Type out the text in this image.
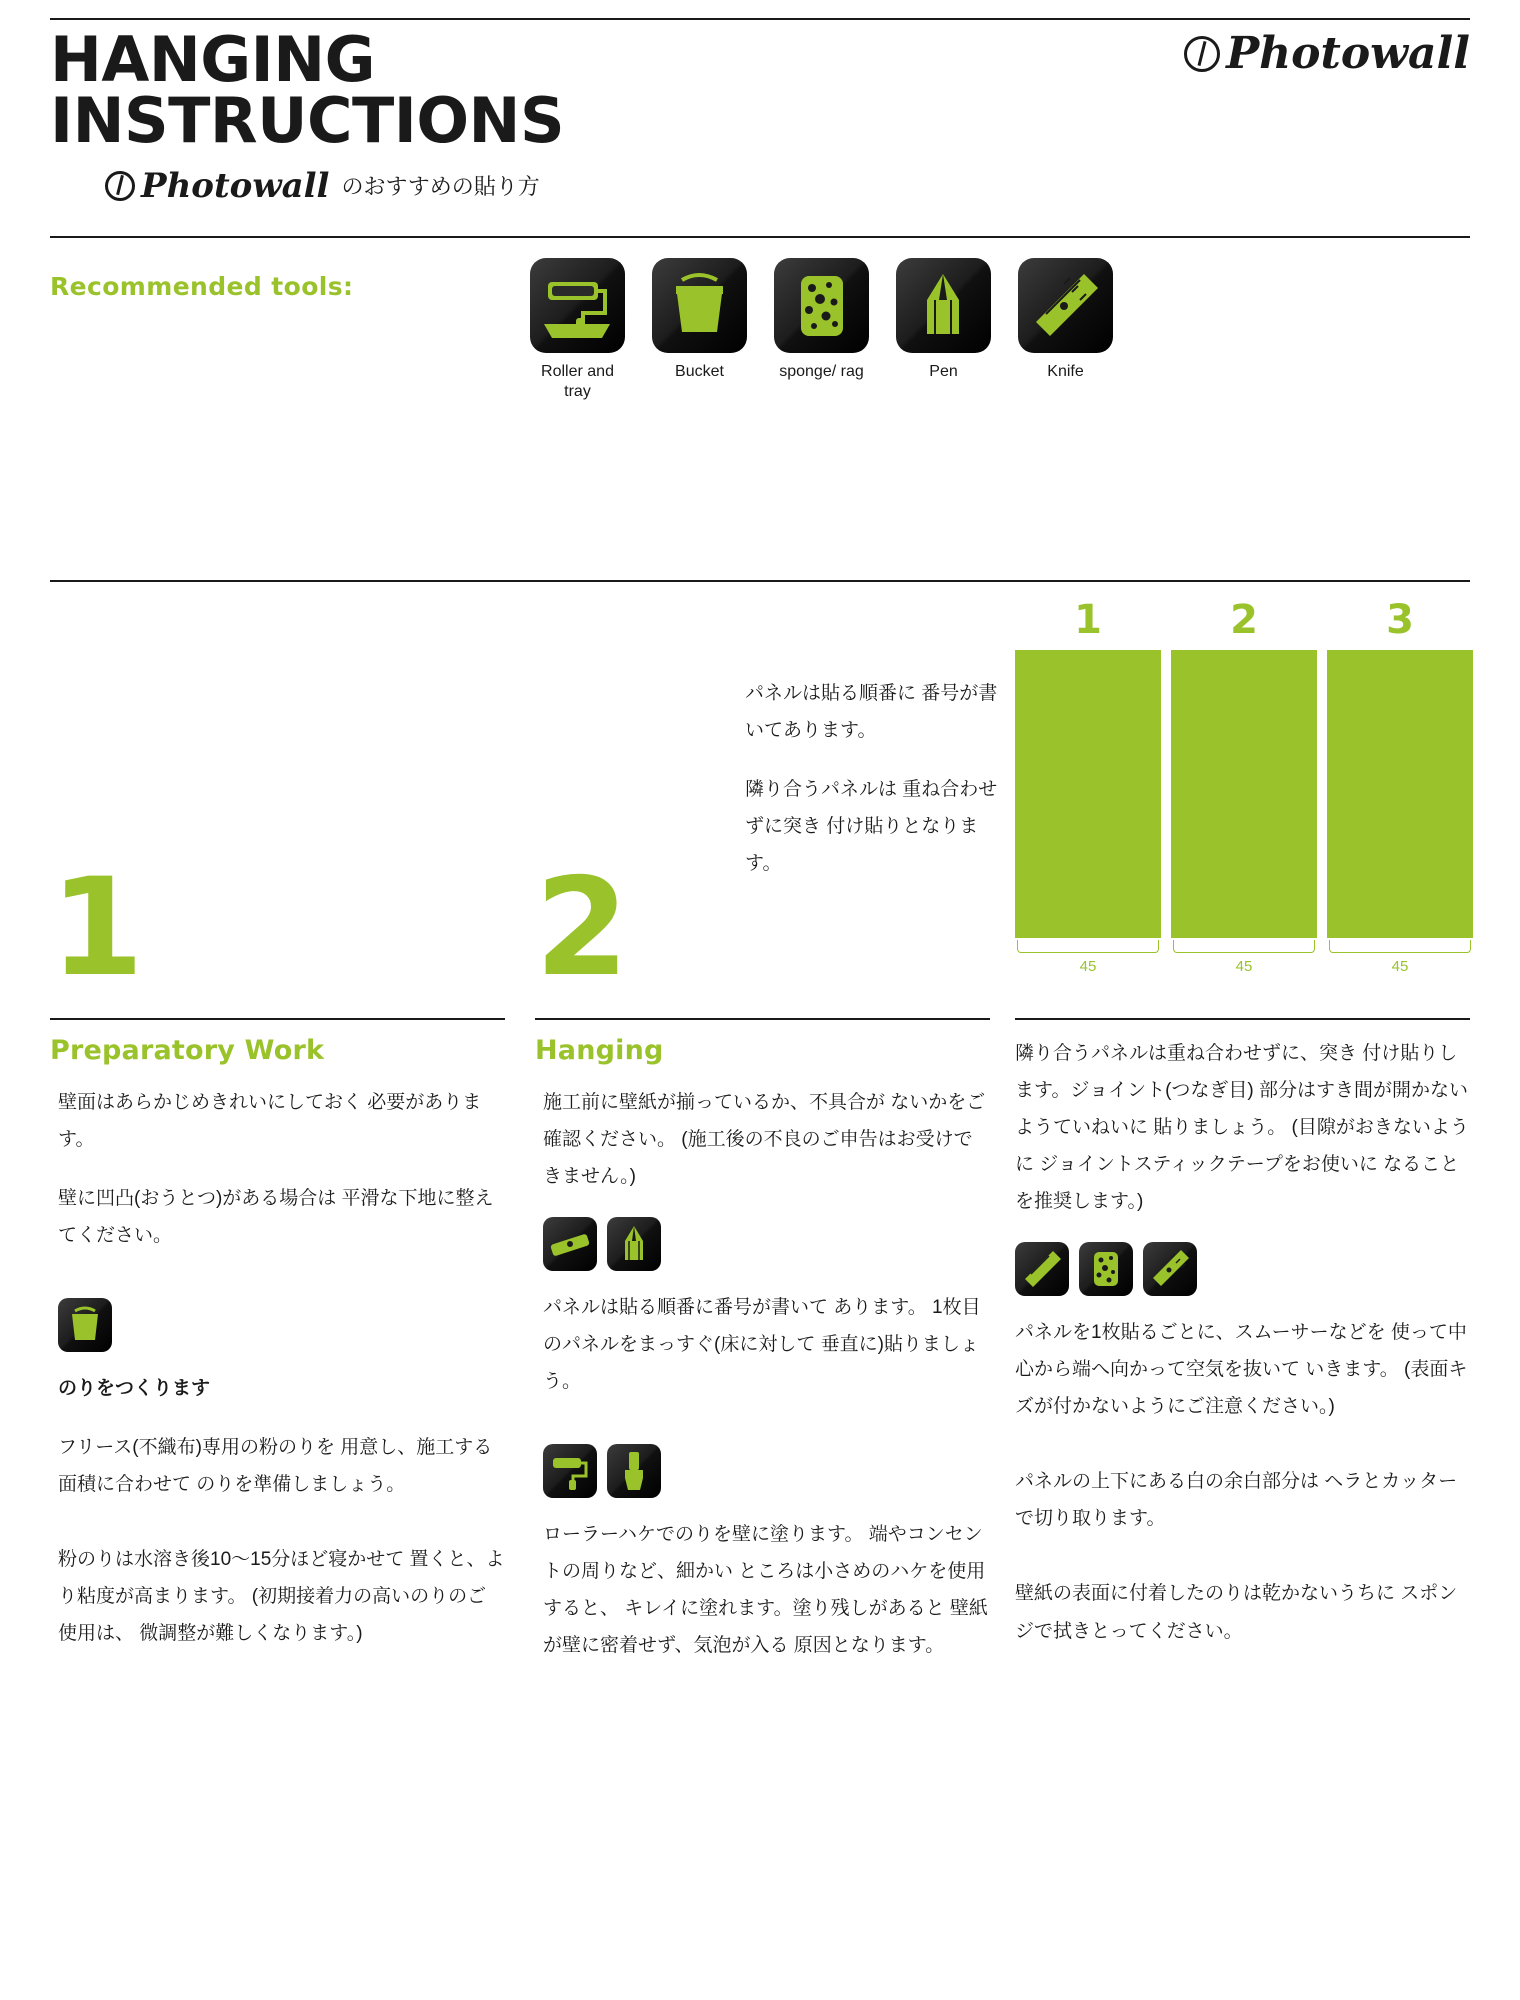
HANGING
INSTRUCTIONS
Photowall
Photowall のおすすめの貼り方
Recommended tools:
Roller and tray
Bucket	sponge/ rag	Pen	Knife

パネルは貼る順番に 番号が書いてあります。

隣り合うパネルは 重ね合わせずに突き 付け貼りとなります。

1	2	3
45	45	45
1	2
Preparatory Work

壁面はあらかじめきれいにしておく 必要があります。

壁に凹凸(おうとつ)がある場合は 平滑な下地に整えてください。

のりをつくります

フリース(不織布)専用の粉のりを 用意し、施工する面積に合わせて のりを準備しましょう。

粉のりは水溶き後10〜15分ほど寝かせて 置くと、より粘度が高まります。 (初期接着力の高いのりのご使用は、 微調整が難しくなります。)

Hanging

施工前に壁紙が揃っているか、不具合が ないかをご確認ください。 (施工後の不良のご申告はお受けできません。)

パネルは貼る順番に番号が書いて あります。 1枚目のパネルをまっすぐ(床に対して 垂直に)貼りましょう。

ローラーハケでのりを壁に塗ります。 端やコンセントの周りなど、細かい ところは小さめのハケを使用すると、 キレイに塗れます。塗り残しがあると 壁紙が壁に密着せず、気泡が入る 原因となります。

隣り合うパネルは重ね合わせずに、突き 付け貼りします。ジョイント(つなぎ目) 部分はすき間が開かないようていねいに 貼りましょう。 (目隙がおきないように ジョイントスティックテープをお使いに なることを推奨します。)

パネルを1枚貼るごとに、スムーサーなどを 使って中心から端へ向かって空気を抜いて いきます。 (表面キズが付かないようにご注意ください。)

パネルの上下にある白の余白部分は ヘラとカッターで切り取ります。

壁紙の表面に付着したのりは乾かないうちに スポンジで拭きとってください。
